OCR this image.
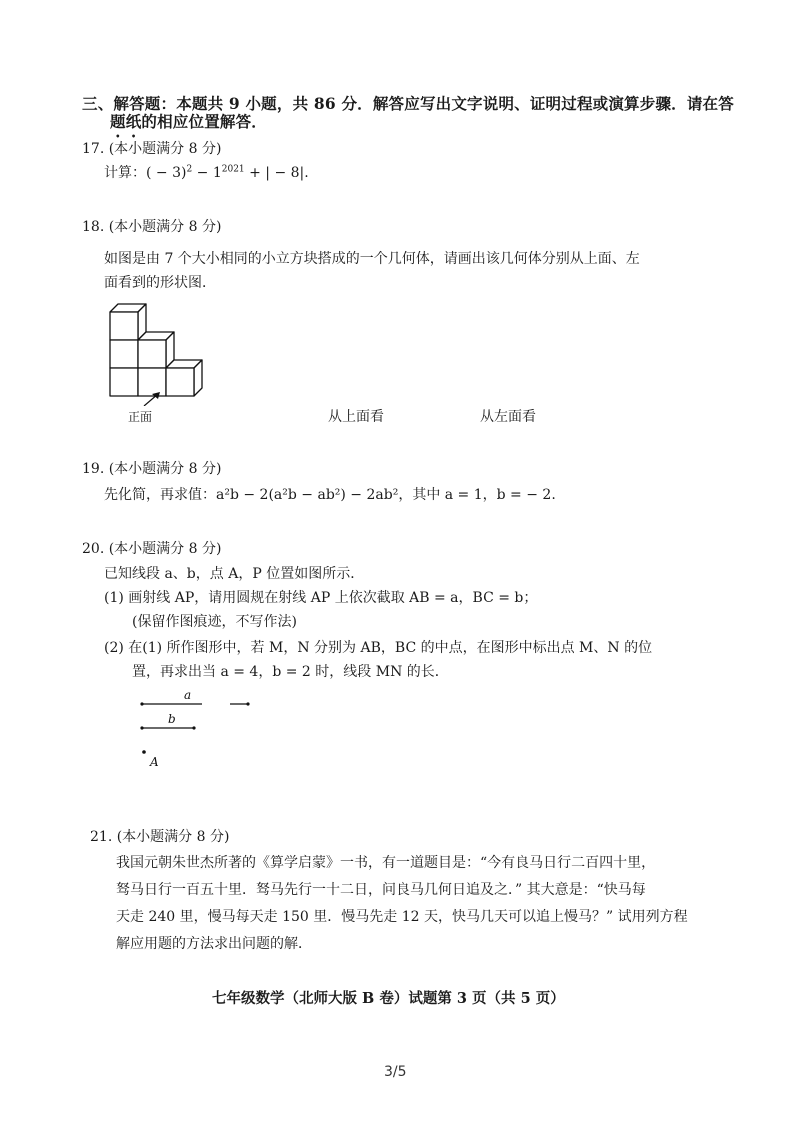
三、解答题：本题共 9 小题，共 86 分．解答应写出文字说明、证明过程或演算步骤．请在答
题纸的相应位置解答．
17. (本小题满分 8 分)
计算：( − $3)^2 - 1^{2021}$ + | − 8|.
18. (本小题满分 8 分)
如图是由 7 个大小相同的小立方块搭成的一个几何体，请画出该几何体分别从上面、左
面看到的形状图．
正面	从上面看	从左面看
19. (本小题满分 8 分)
先化简，再求值：a²b − 2(a²b − ab²) − 2ab²，其中 a = 1，b = − 2.
20. (本小题满分 8 分)
已知线段 a、b，点 A，P 位置如图所示．
(1) 画射线 AP，请用圆规在射线 AP 上依次截取 AB = a，BC = b；
(保留作图痕迹，不写作法)
(2) 在(1) 所作图形中，若 M，N 分别为 AB，BC 的中点，在图形中标出点 M、N 的位
置，再求出当 a = 4，b = 2 时，线段 MN 的长．
a
b
A
21. (本小题满分 8 分)
我国元朝朱世杰所著的《算学启蒙》一书，有一道题目是：“今有良马日行二百四十里，
驽马日行一百五十里．驽马先行一十二日，问良马几何日追及之．” 其大意是：“快马每
天走 240 里，慢马每天走 150 里．慢马先走 12 天，快马几天可以追上慢马？” 试用列方程
解应用题的方法求出问题的解．
七年级数学（北师大版 B 卷）试题第 3 页（共 5 页）
3/5
